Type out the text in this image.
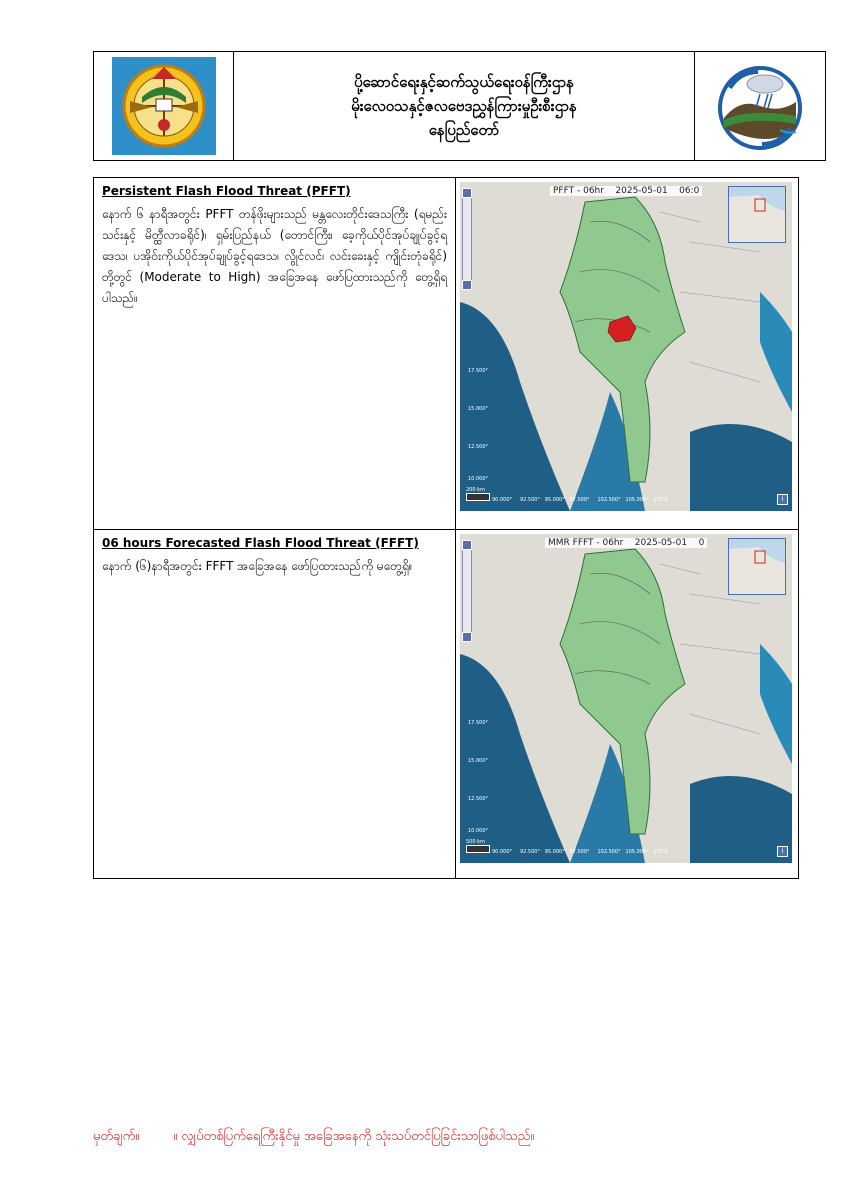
ပို့ဆောင်ရေးနှင့်ဆက်သွယ်ရေးဝန်ကြီးဌာန
မိုးလေဝသနှင့်ဇလဗေဒညွှန်ကြားမှုဦးစီးဌာန
နေပြည်တော်
Persistent Flash Flood Threat (PFFT)
နောက် ၆ နာရီအတွင်း PFFT တန်ဖိုးများသည် မန္တလေးတိုင်းဒေသကြီး (ရမည်းသင်းနှင့် မိတ္ထီလာခရိုင်)၊ ရှမ်းပြည်နယ် (တောင်ကြီး၊ ခေ့ကိုယ်ပိုင်အုပ်ချုပ်ခွင့်ရဒေသ၊ ပအိုဝ်းကိုယ်ပိုင်အုပ်ချုပ်ခွင့်ရဒေသ၊ လွိုင်လင်၊ လင်းခေးနှင့် ကျိုင်းတုံခရိုင်) တို့တွင် (Moderate to High) အခြေအနေ ဖော်ပြထားသည်ကို တွေ့ရှိရပါသည်။
PFFT - 06hr 2025-05-01 06:0
200 km
17.500°
15.000°
12.500°
10.000°
90.000° 92.500° 95.000° 97.500° 102.500° 105.000° 107.5	i
06 hours Forecasted Flash Flood Threat (FFFT)
နောက် (၆)နာရီအတွင်း FFFT အခြေအနေ ဖော်ပြထားသည်ကို မတွေ့ရှိ။
MMR FFFT - 06hr 2025-05-01 0
500 km
17.500°
15.000°
12.500°
10.000°
90.000° 92.500° 95.000° 97.500° 102.500° 105.000° 107.5	i
မှတ်ချက်။	။ လျှပ်တစ်ပြက်ရေကြီးနိုင်မှု အခြေအနေကို သုံးသပ်တင်ပြခြင်းသာဖြစ်ပါသည်။
